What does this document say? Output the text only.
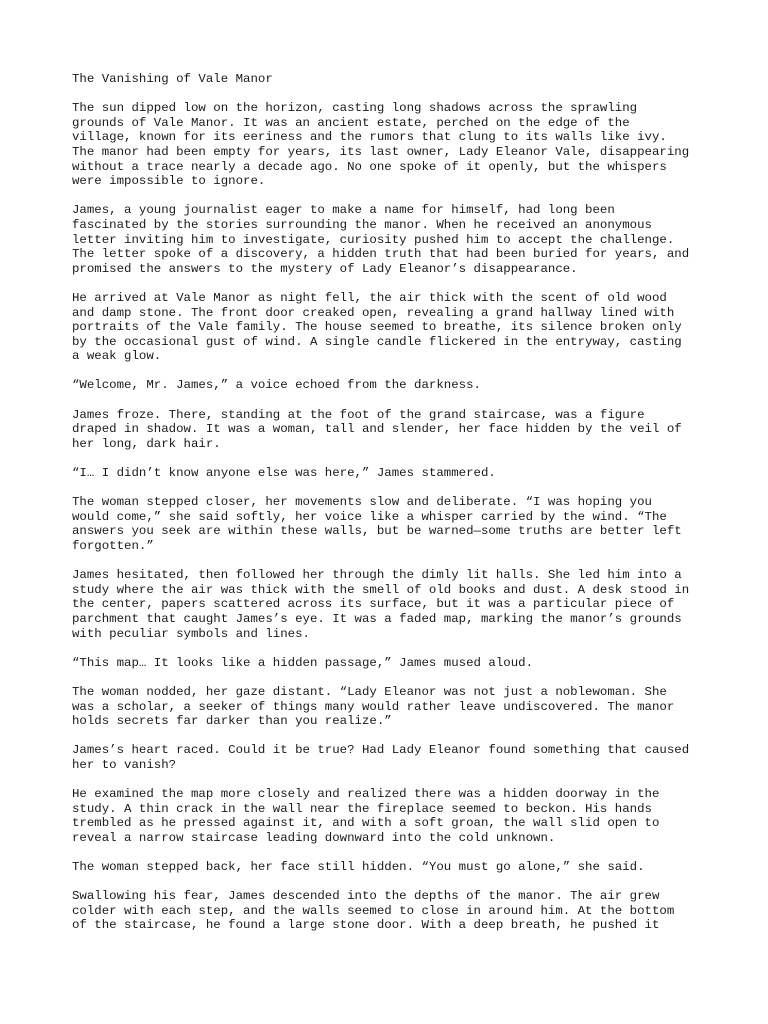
The Vanishing of Vale Manor
The sun dipped low on the horizon, casting long shadows across the sprawling
grounds of Vale Manor. It was an ancient estate, perched on the edge of the
village, known for its eeriness and the rumors that clung to its walls like ivy.
The manor had been empty for years, its last owner, Lady Eleanor Vale, disappearing
without a trace nearly a decade ago. No one spoke of it openly, but the whispers
were impossible to ignore.
James, a young journalist eager to make a name for himself, had long been
fascinated by the stories surrounding the manor. When he received an anonymous
letter inviting him to investigate, curiosity pushed him to accept the challenge.
The letter spoke of a discovery, a hidden truth that had been buried for years, and
promised the answers to the mystery of Lady Eleanor’s disappearance.
He arrived at Vale Manor as night fell, the air thick with the scent of old wood
and damp stone. The front door creaked open, revealing a grand hallway lined with
portraits of the Vale family. The house seemed to breathe, its silence broken only
by the occasional gust of wind. A single candle flickered in the entryway, casting
a weak glow.
“Welcome, Mr. James,” a voice echoed from the darkness.
James froze. There, standing at the foot of the grand staircase, was a figure
draped in shadow. It was a woman, tall and slender, her face hidden by the veil of
her long, dark hair.
“I… I didn’t know anyone else was here,” James stammered.
The woman stepped closer, her movements slow and deliberate. “I was hoping you
would come,” she said softly, her voice like a whisper carried by the wind. “The
answers you seek are within these walls, but be warned—some truths are better left
forgotten.”
James hesitated, then followed her through the dimly lit halls. She led him into a
study where the air was thick with the smell of old books and dust. A desk stood in
the center, papers scattered across its surface, but it was a particular piece of
parchment that caught James’s eye. It was a faded map, marking the manor’s grounds
with peculiar symbols and lines.
“This map… It looks like a hidden passage,” James mused aloud.
The woman nodded, her gaze distant. “Lady Eleanor was not just a noblewoman. She
was a scholar, a seeker of things many would rather leave undiscovered. The manor
holds secrets far darker than you realize.”
James’s heart raced. Could it be true? Had Lady Eleanor found something that caused
her to vanish?
He examined the map more closely and realized there was a hidden doorway in the
study. A thin crack in the wall near the fireplace seemed to beckon. His hands
trembled as he pressed against it, and with a soft groan, the wall slid open to
reveal a narrow staircase leading downward into the cold unknown.
The woman stepped back, her face still hidden. “You must go alone,” she said.
Swallowing his fear, James descended into the depths of the manor. The air grew
colder with each step, and the walls seemed to close in around him. At the bottom
of the staircase, he found a large stone door. With a deep breath, he pushed it
